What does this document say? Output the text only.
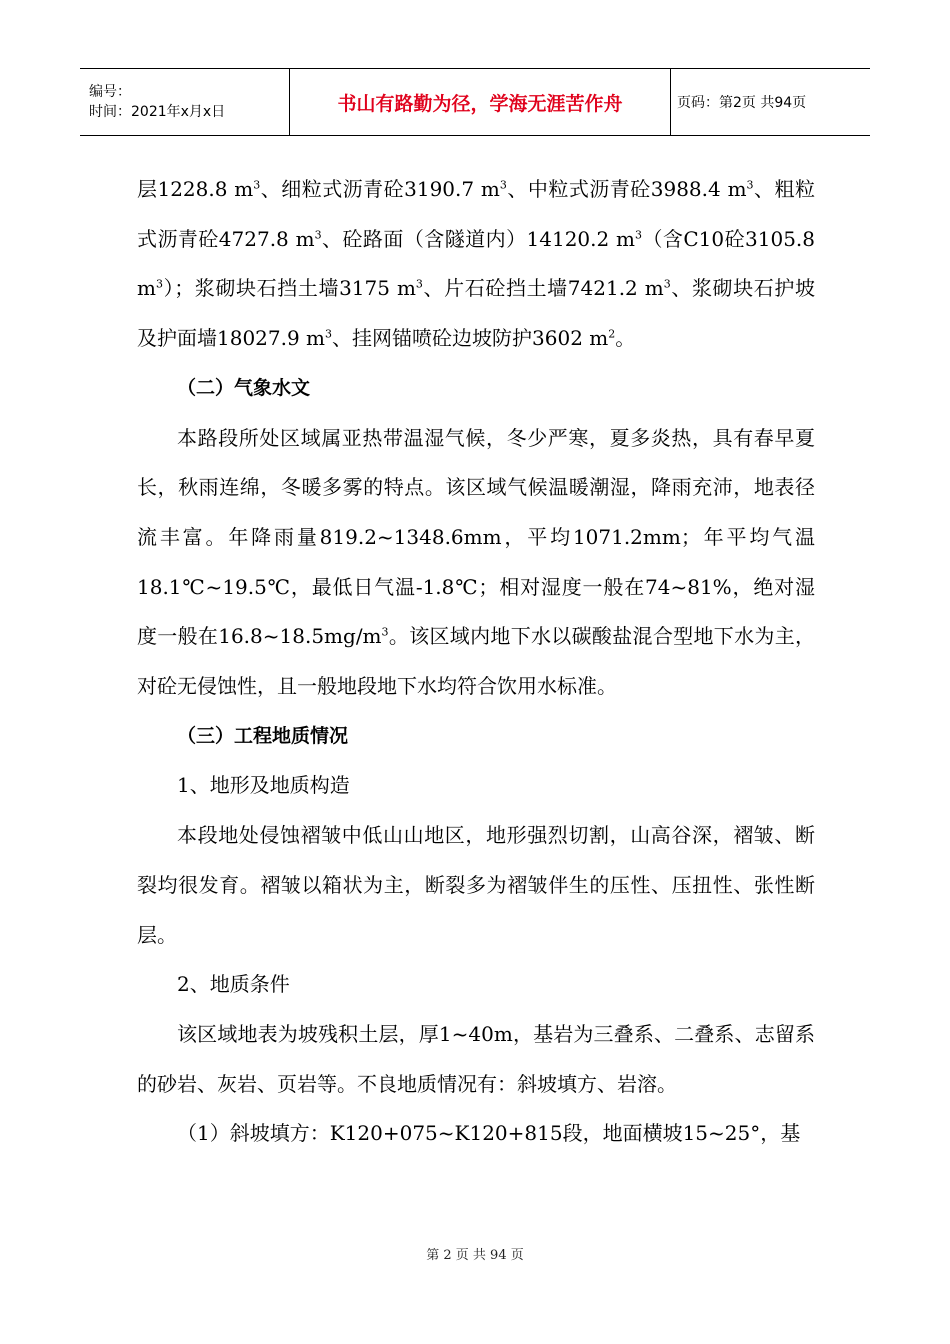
编号：
时间：2021年x月x日	书山有路勤为径，学海无涯苦作舟	页码：第2页 共94页

层1228.8 $m^3$、细粒式沥青砼3190.7 $m^3$、中粒式沥青砼3988.4 $m^3$、粗粒式沥青砼4727.8 $m^3$、砼路面（含隧道内）14120.2 $m^3$（含C10砼3105.8 $m^3$）；浆砌块石挡土墙3175 $m^3$、片石砼挡土墙7421.2 $m^3$、浆砌块石护坡及护面墙18027.9 $m^3$、挂网锚喷砼边坡防护3602 $m^2$。

（二）气象水文

本路段所处区域属亚热带温湿气候，冬少严寒，夏多炎热，具有春早夏长，秋雨连绵，冬暖多雾的特点。该区域气候温暖潮湿，降雨充沛，地表径流丰富。年降雨量819.2~1348.6mm，平均1071.2mm；年平均气温18.1℃~19.5℃，最低日气温-1.8℃；相对湿度一般在74~81%，绝对湿度一般在$16.8\sim 18.5mg/m^3$。该区域内地下水以碳酸盐混合型地下水为主，对砼无侵蚀性，且一般地段地下水均符合饮用水标准。

（三）工程地质情况

1、地形及地质构造

本段地处侵蚀褶皱中低山山地区，地形强烈切割，山高谷深，褶皱、断裂均很发育。褶皱以箱状为主，断裂多为褶皱伴生的压性、压扭性、张性断层。

2、地质条件

该区域地表为坡残积土层，厚1~40m，基岩为三叠系、二叠系、志留系的砂岩、灰岩、页岩等。不良地质情况有：斜坡填方、岩溶。

（1）斜坡填方：K120+075~K120+815段，地面横坡15~25°，基

第 2 页 共 94 页
